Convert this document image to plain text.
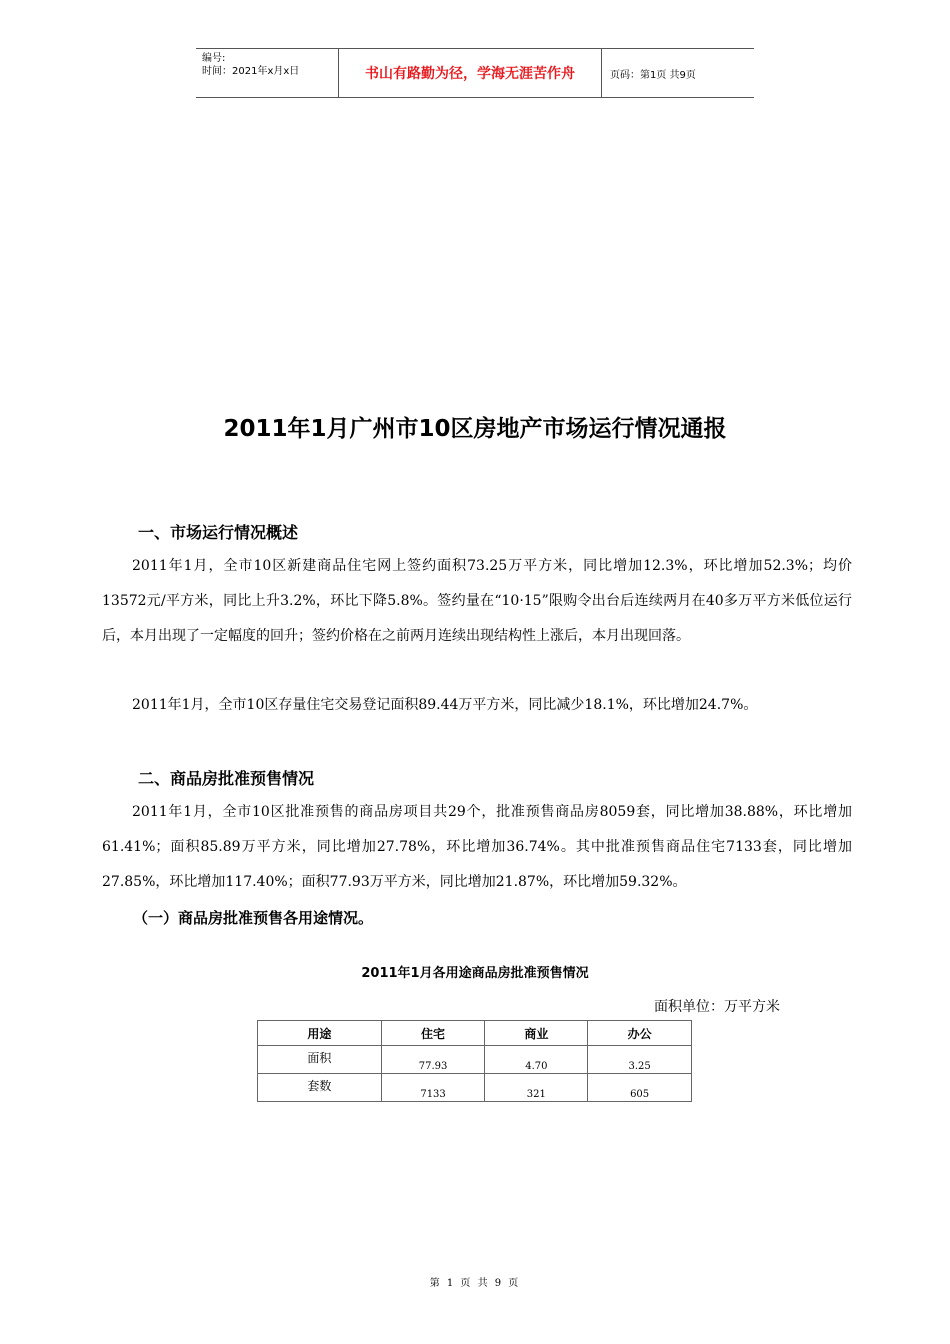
编号:
时间：2021年x月x日	书山有路勤为径，学海无涯苦作舟	页码：第1页 共9页
2011年1月广州市10区房地产市场运行情况通报
一、市场运行情况概述
2011年1月，全市10区新建商品住宅网上签约面积73.25万平方米，同比增加12.3%，环比增加52.3%；均价13572元/平方米，同比上升3.2%，环比下降5.8%。签约量在“10·15”限购令出台后连续两月在40多万平方米低位运行后，本月出现了一定幅度的回升；签约价格在之前两月连续出现结构性上涨后，本月出现回落。
2011年1月，全市10区存量住宅交易登记面积89.44万平方米，同比减少18.1%，环比增加24.7%。
二、商品房批准预售情况
2011年1月，全市10区批准预售的商品房项目共29个，批准预售商品房8059套，同比增加38.88%，环比增加61.41%；面积85.89万平方米，同比增加27.78%，环比增加36.74%。其中批准预售商品住宅7133套，同比增加27.85%，环比增加117.40%；面积77.93万平方米，同比增加21.87%，环比增加59.32%。
（一）商品房批准预售各用途情况。
2011年1月各用途商品房批准预售情况
面积单位：万平方米
用途	住宅	商业	办公
面积	77.93	4.70	3.25
套数	7133	321	605
第 1 页 共 9 页
